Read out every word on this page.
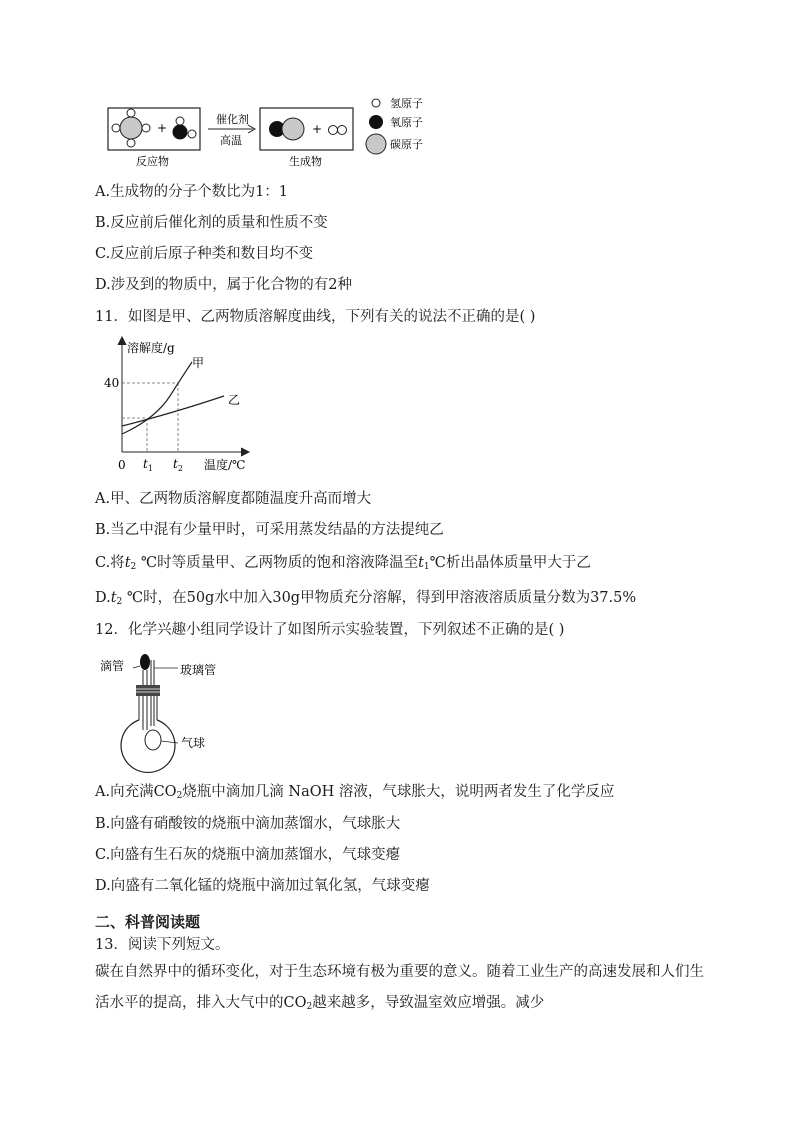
+
反应物
催化剂
高温
+
生成物
氢原子
氧原子
碳原子
A.生成物的分子个数比为1：1
B.反应前后催化剂的质量和性质不变
C.反应前后原子种类和数目均不变
D.涉及到的物质中，属于化合物的有2种
11．如图是甲、乙两物质溶解度曲线，下列有关的说法不正确的是( )
溶解度/g
40
0
甲
乙
$t_1$ $t_2$ 温度/℃
A.甲、乙两物质溶解度都随温度升高而增大
B.当乙中混有少量甲时，可采用蒸发结晶的方法提纯乙
C.将$t_2$ ℃时等质量甲、乙两物质的饱和溶液降温至$t_1℃$析出晶体质量甲大于乙
$D.t_2$ ℃时，在50g水中加入30g甲物质充分溶解，得到甲溶液溶质质量分数为37.5%
12．化学兴趣小组同学设计了如图所示实验装置，下列叙述不正确的是( )
滴管	玻璃管
气球
A.向充满$CO_2$烧瓶中滴加几滴 NaOH 溶液，气球胀大，说明两者发生了化学反应
B.向盛有硝酸铵的烧瓶中滴加蒸馏水，气球胀大
C.向盛有生石灰的烧瓶中滴加蒸馏水，气球变瘪
D.向盛有二氧化锰的烧瓶中滴加过氧化氢，气球变瘪
二、科普阅读题
13．阅读下列短文。
碳在自然界中的循环变化，对于生态环境有极为重要的意义。随着工业生产的高速发展和人们生活水平的提高，排入大气中的$CO_2$越来越多，导致温室效应增强。减少
